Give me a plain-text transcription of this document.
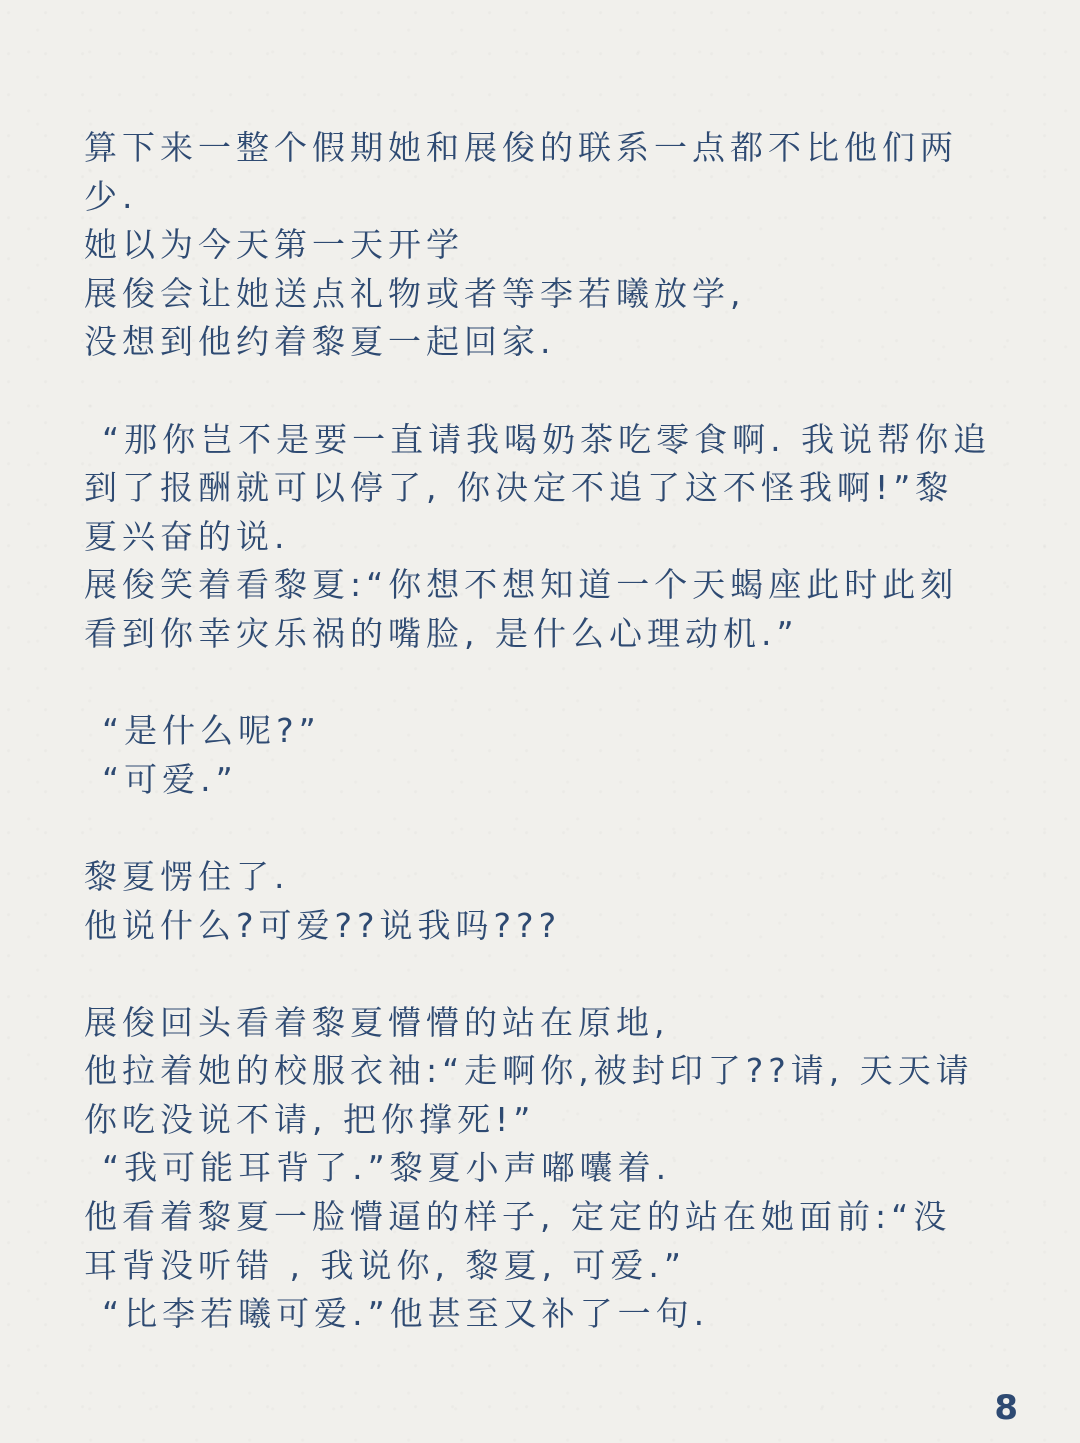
算下来一整个假期她和展俊的联系一点都不比他们两
少.
她以为今天第一天开学
展俊会让她送点礼物或者等李若曦放学,
没想到他约着黎夏一起回家.
“那你岂不是要一直请我喝奶茶吃零食啊. 我说帮你追
到了报酬就可以停了, 你决定不追了这不怪我啊!”黎
夏兴奋的说.
展俊笑着看黎夏:“你想不想知道一个天蝎座此时此刻
看到你幸灾乐祸的嘴脸, 是什么心理动机.”
“是什么呢?”
“可爱.”
黎夏愣住了.
他说什么?可爱??说我吗???
展俊回头看着黎夏懵懵的站在原地,
他拉着她的校服衣袖:“走啊你,被封印了??请, 天天请
你吃没说不请, 把你撑死!”
“我可能耳背了.”黎夏小声嘟囔着.
他看着黎夏一脸懵逼的样子, 定定的站在她面前:“没
耳背没听错 , 我说你, 黎夏, 可爱.”
“比李若曦可爱.”他甚至又补了一句.
8
